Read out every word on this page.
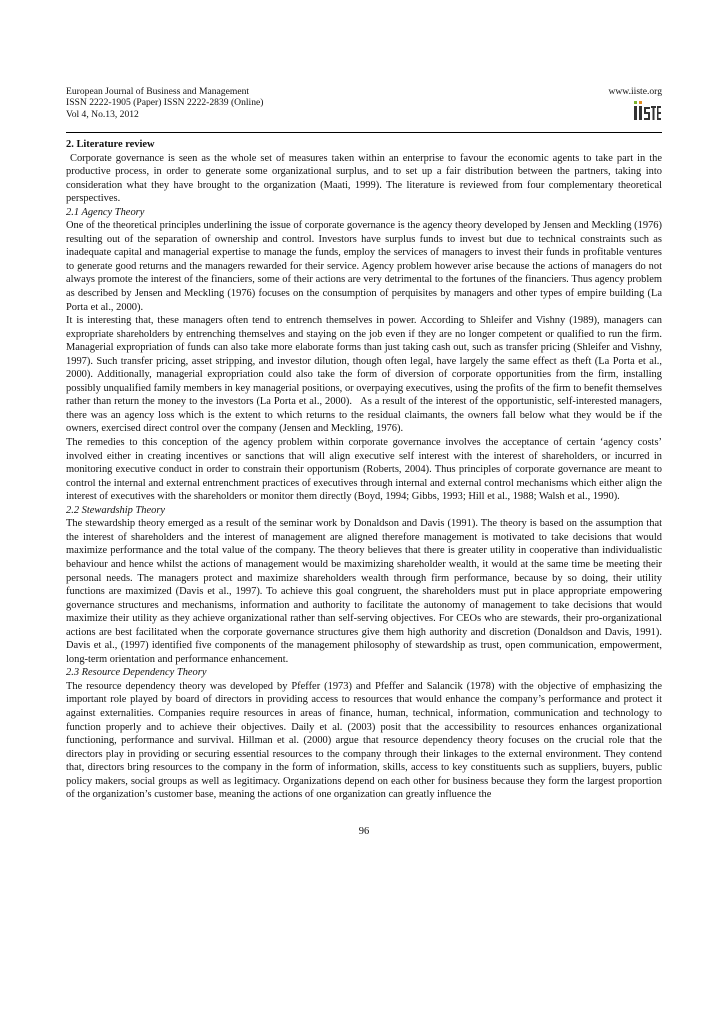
European Journal of Business and Management
ISSN 2222-1905 (Paper) ISSN 2222-2839 (Online)
Vol 4, No.13, 2012
www.iiste.org

2. Literature review

Corporate governance is seen as the whole set of measures taken within an enterprise to favour the economic agents to take part in the productive process, in order to generate some organizational surplus, and to set up a fair distribution between the partners, taking into consideration what they have brought to the organization (Maati, 1999). The literature is reviewed from four complementary theoretical perspectives.

2.1 Agency Theory

One of the theoretical principles underlining the issue of corporate governance is the agency theory developed by Jensen and Meckling (1976) resulting out of the separation of ownership and control. Investors have surplus funds to invest but due to technical constraints such as inadequate capital and managerial expertise to manage the funds, employ the services of managers to invest their funds in profitable ventures to generate good returns and the managers rewarded for their service. Agency problem however arise because the actions of managers do not always promote the interest of the financiers, some of their actions are very detrimental to the fortunes of the financiers. Thus agency problem as described by Jensen and Meckling (1976) focuses on the consumption of perquisites by managers and other types of empire building (La Porta et al., 2000).

It is interesting that, these managers often tend to entrench themselves in power. According to Shleifer and Vishny (1989), managers can expropriate shareholders by entrenching themselves and staying on the job even if they are no longer competent or qualified to run the firm. Managerial expropriation of funds can also take more elaborate forms than just taking cash out, such as transfer pricing (Shleifer and Vishny, 1997). Such transfer pricing, asset stripping, and investor dilution, though often legal, have largely the same effect as theft (La Porta et al., 2000). Additionally, managerial expropriation could also take the form of diversion of corporate opportunities from the firm, installing possibly unqualified family members in key managerial positions, or overpaying executives, using the profits of the firm to benefit themselves rather than return the money to the investors (La Porta et al., 2000).   As a result of the interest of the opportunistic, self-interested managers, there was an agency loss which is the extent to which returns to the residual claimants, the owners fall below what they would be if the owners, exercised direct control over the company (Jensen and Meckling, 1976).

The remedies to this conception of the agency problem within corporate governance involves the acceptance of certain ‘agency costs’ involved either in creating incentives or sanctions that will align executive self interest with the interest of shareholders, or incurred in monitoring executive conduct in order to constrain their opportunism (Roberts, 2004). Thus principles of corporate governance are meant to control the internal and external entrenchment practices of executives through internal and external control mechanisms which either align the interest of executives with the shareholders or monitor them directly (Boyd, 1994; Gibbs, 1993; Hill et al., 1988; Walsh et al., 1990).

2.2 Stewardship Theory

The stewardship theory emerged as a result of the seminar work by Donaldson and Davis (1991). The theory is based on the assumption that the interest of shareholders and the interest of management are aligned therefore management is motivated to take decisions that would maximize performance and the total value of the company. The theory believes that there is greater utility in cooperative than individualistic behaviour and hence whilst the actions of management would be maximizing shareholder wealth, it would at the same time be meeting their personal needs. The managers protect and maximize shareholders wealth through firm performance, because by so doing, their utility functions are maximized (Davis et al., 1997). To achieve this goal congruent, the shareholders must put in place appropriate empowering governance structures and mechanisms, information and authority to facilitate the autonomy of management to take decisions that would maximize their utility as they achieve organizational rather than self-serving objectives. For CEOs who are stewards, their pro-organizational actions are best facilitated when the corporate governance structures give them high authority and discretion (Donaldson and Davis, 1991). Davis et al., (1997) identified five components of the management philosophy of stewardship as trust, open communication, empowerment, long-term orientation and performance enhancement.

2.3 Resource Dependency Theory

The resource dependency theory was developed by Pfeffer (1973) and Pfeffer and Salancik (1978) with the objective of emphasizing the important role played by board of directors in providing access to resources that would enhance the company’s performance and protect it against externalities. Companies require resources in areas of finance, human, technical, information, communication and technology to function properly and to achieve their objectives. Daily et al. (2003) posit that the accessibility to resources enhances organizational functioning, performance and survival. Hillman et al. (2000) argue that resource dependency theory focuses on the crucial role that the directors play in providing or securing essential resources to the company through their linkages to the external environment. They contend that, directors bring resources to the company in the form of information, skills, access to key constituents such as suppliers, buyers, public policy makers, social groups as well as legitimacy. Organizations depend on each other for business because they form the largest proportion of the organization’s customer base, meaning the actions of one organization can greatly influence the

96
